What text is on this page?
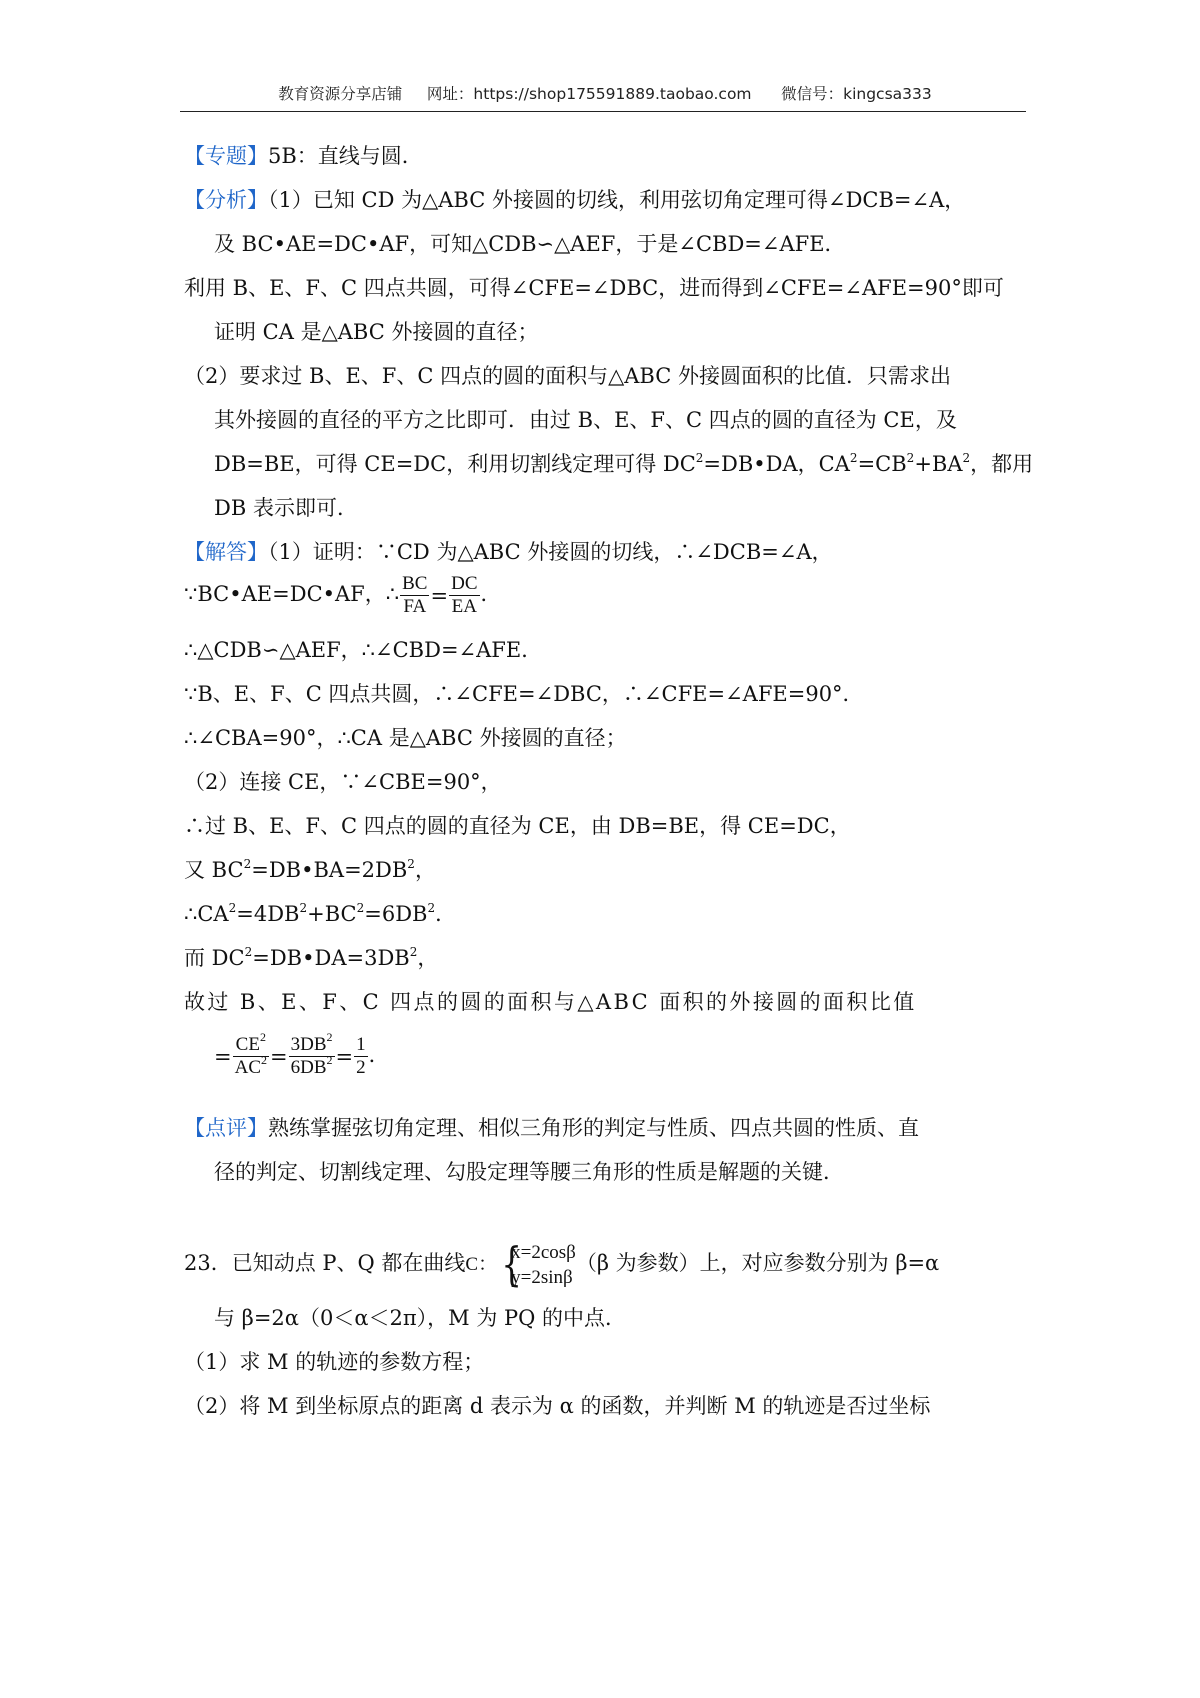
教育资源分享店铺 网址：https://shop175591889.taobao.com 微信号：kingcsa333
【专题】5B：直线与圆．
【分析】（1）已知 CD 为△ABC 外接圆的切线，利用弦切角定理可得∠DCB=∠A，
及 BC•AE=DC•AF，可知△CDB∽△AEF，于是∠CBD=∠AFE．
利用 B、E、F、C 四点共圆，可得∠CFE=∠DBC，进而得到∠CFE=∠AFE=90°即可
证明 CA 是△ABC 外接圆的直径；
（2）要求过 B、E、F、C 四点的圆的面积与△ABC 外接圆面积的比值．只需求出
其外接圆的直径的平方之比即可．由过 B、E、F、C 四点的圆的直径为 CE，及
DB=BE，可得 CE=DC，利用切割线定理可得 $DC^2=DB•DA$，$CA^2=CB^2+BA^2$，都用
DB 表示即可．
【解答】（1）证明：∵CD 为△ABC 外接圆的切线，∴∠DCB=∠A，
∵BC•AE=DC•AF，∴ $\frac{BC}{FA} = \frac{DC}{EA}$ ．
∴△CDB∽△AEF，∴∠CBD=∠AFE．
∵B、E、F、C 四点共圆，∴∠CFE=∠DBC，∴∠CFE=∠AFE=90°．
∴∠CBA=90°，∴CA 是△ABC 外接圆的直径；
（2）连接 CE，∵∠CBE=90°，
∴过 B、E、F、C 四点的圆的直径为 CE，由 DB=BE，得 CE=DC，
又 $BC^2=DB•BA=2DB^2$，
$\therefore CA^2=4DB^2+BC^2=6DB^2$．
而 $DC^2=DB•DA=3DB^2$，
故过 B、E、F、C 四点的圆的面积与△ABC 面积的外接圆的面积比值
= $\frac{CE^2}{AC^2} = \frac{3DB^2}{6DB^2} = \frac{1}{2}$ ．
【点评】熟练掌握弦切角定理、相似三角形的判定与性质、四点共圆的性质、直
径的判定、切割线定理、勾股定理等腰三角形的性质是解题的关键．
23．已知动点 P、Q 都在曲线C： {
x=2cosβ
y=2sinβ
（β 为参数）上，对应参数分别为 β=α
与 β=2α（0＜α＜2π），M 为 PQ 的中点．
（1）求 M 的轨迹的参数方程；
（2）将 M 到坐标原点的距离 d 表示为 α 的函数，并判断 M 的轨迹是否过坐标
